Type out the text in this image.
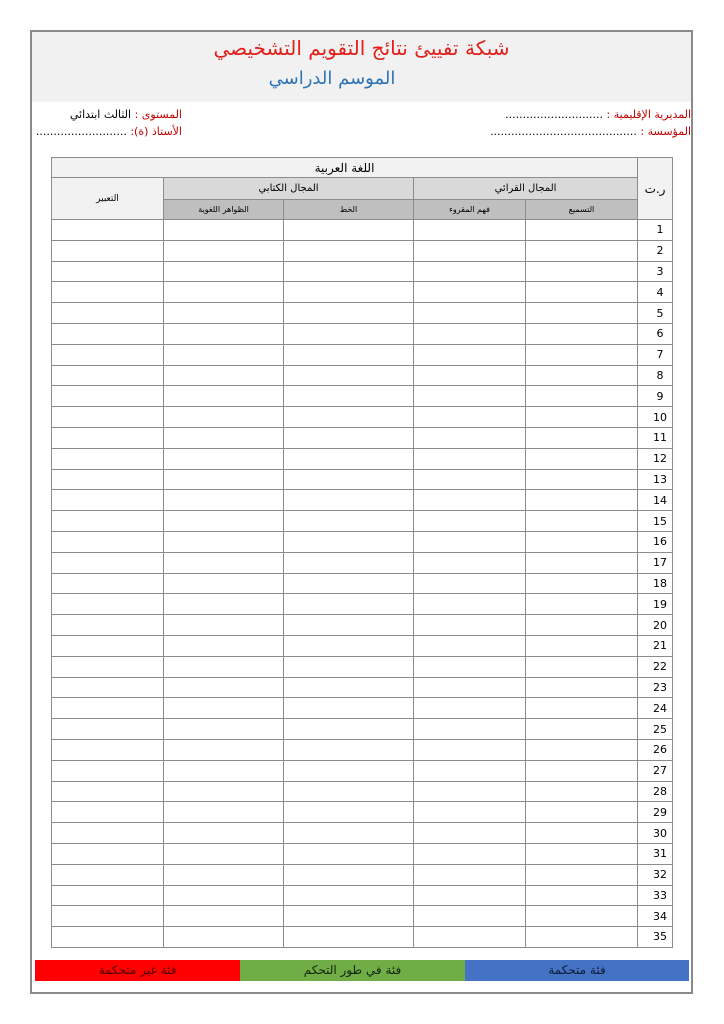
شبكة تفييئ نتائج التقويم التشخيصي
الموسم الدراسي
المديرية الإقليمية : ............................
المؤسسة : ..........................................
المستوى : الثالث ابتدائي
الأستاذ (ة): ..........................
ر.ت	اللغة العربية				
	المجال القرائي		المجال الكتابي		التعبير
	التسميع	فهم المقروء	الخط	الظواهر اللغوية	
1					
2					
3					
4					
5					
6					
7					
8					
9					
10					
11					
12					
13					
14					
15					
16					
17					
18					
19					
20					
21					
22					
23					
24					
25					
26					
27					
28					
29					
30					
31					
32					
33					
34					
35					
فئة متحكمة
فئة في طور التحكم
فئة غير متحكمة
